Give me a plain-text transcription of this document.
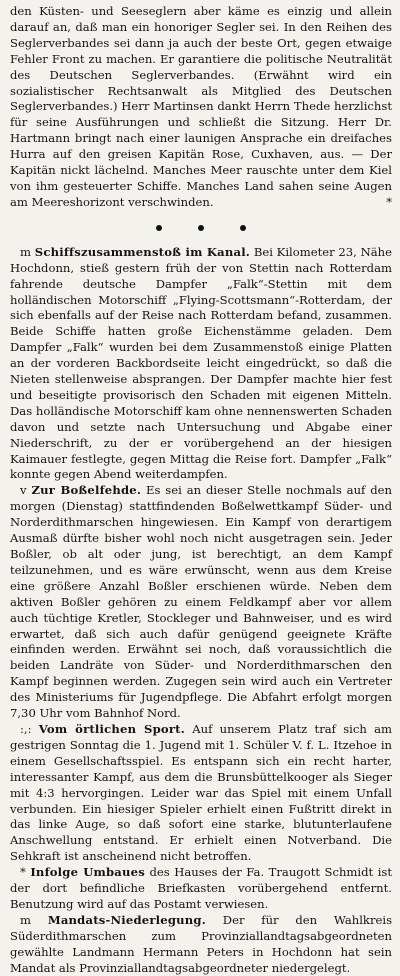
den Küsten- und Seeseglern aber käme es einzig und allein darauf an, daß man ein honoriger Segler sei. In den Reihen des Seglerverbandes sei dann ja auch der beste Ort, gegen etwaige Fehler Front zu machen. Er garantiere die politische Neutralität des Deutschen Seglerverbandes. (Erwähnt wird ein sozialistischer Rechtsanwalt als Mitglied des Deutschen Seglerverbandes.) Herr Martinsen dankt Herrn Thede herzlichst für seine Ausführungen und schließt die Sitzung. Herr Dr. Hartmann bringt nach einer launigen Ansprache ein dreifaches Hurra auf den greisen Kapitän Rose, Cuxhaven, aus. — Der Kapitän nickt lächelnd. Manches Meer rauschte unter dem Kiel von ihm gesteuerter Schiffe. Manches Land sahen seine Augen am Meereshorizont verschwinden.	*

m Schiffszusammenstoß im Kanal. Bei Kilometer 23, Nähe Hochdonn, stieß gestern früh der von Stettin nach Rotterdam fahrende deutsche Dampfer „Falk“-Stettin mit dem holländischen Motorschiff „Flying-Scottsmann“-Rotterdam, der sich ebenfalls auf der Reise nach Rotterdam befand, zusammen. Beide Schiffe hatten große Eichenstämme geladen. Dem Dampfer „Falk“ wurden bei dem Zusammenstoß einige Platten an der vorderen Backbordseite leicht eingedrückt, so daß die Nieten stellenweise absprangen. Der Dampfer machte hier fest und beseitigte provisorisch den Schaden mit eigenen Mitteln. Das holländische Motorschiff kam ohne nennenswerten Schaden davon und setzte nach Untersuchung und Abgabe einer Niederschrift, zu der er vorübergehend an der hiesigen Kaimauer festlegte, gegen Mittag die Reise fort. Dampfer „Falk“ konnte gegen Abend weiterdampfen.

v Zur Boßelfehde. Es sei an dieser Stelle nochmals auf den morgen (Dienstag) stattfindenden Boßelwettkampf Süder- und Norderdithmarschen hingewiesen. Ein Kampf von derartigem Ausmaß dürfte bisher wohl noch nicht ausgetragen sein. Jeder Boßler, ob alt oder jung, ist berechtigt, an dem Kampf teilzunehmen, und es wäre erwünscht, wenn aus dem Kreise eine größere Anzahl Boßler erschienen würde. Neben dem aktiven Boßler gehören zu einem Feldkampf aber vor allem auch tüchtige Kretler, Stockleger und Bahnweiser, und es wird erwartet, daß sich auch dafür genügend geeignete Kräfte einfinden werden. Erwähnt sei noch, daß voraussichtlich die beiden Landräte von Süder- und Norderdithmarschen den Kampf beginnen werden. Zugegen sein wird auch ein Vertreter des Ministeriums für Jugendpflege. Die Abfahrt erfolgt morgen 7,30 Uhr vom Bahnhof Nord.

:,: Vom örtlichen Sport. Auf unserem Platz traf sich am gestrigen Sonntag die 1. Jugend mit 1. Schüler V. f. L. Itzehoe in einem Gesellschaftsspiel. Es entspann sich ein recht harter, interessanter Kampf, aus dem die Brunsbüttelkooger als Sieger mit 4:3 hervorgingen. Leider war das Spiel mit einem Unfall verbunden. Ein hiesiger Spieler erhielt einen Fußtritt direkt in das linke Auge, so daß sofort eine starke, blutunterlaufene Anschwellung entstand. Er erhielt einen Notverband. Die Sehkraft ist anscheinend nicht betroffen.

* Infolge Umbaues des Hauses der Fa. Traugott Schmidt ist der dort befindliche Briefkasten vorübergehend entfernt. Benutzung wird auf das Postamt verwiesen.

m Mandats-Niederlegung. Der für den Wahlkreis Süderdithmarschen zum Provinziallandtagsabgeordneten gewählte Landmann Hermann Peters in Hochdonn hat sein Mandat als Provinziallandtagsabgeordneter niedergelegt.
